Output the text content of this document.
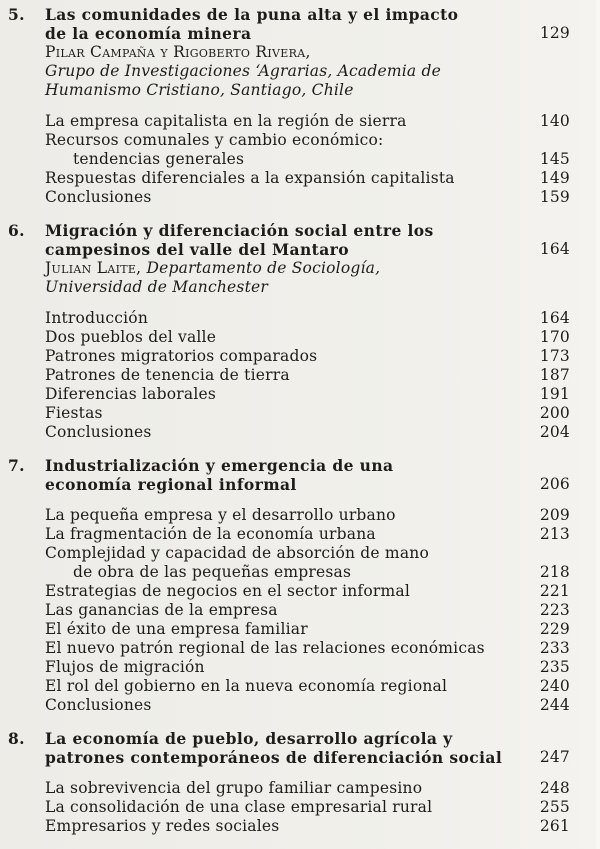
5.	Las comunidades de la puna alta y el impacto
de la economía minera	129
Pilar Campaña y Rigoberto Rivera,
Grupo de Investigaciones ‘Agrarias, Academia de
Humanismo Cristiano, Santiago, Chile
La empresa capitalista en la región de sierra	140
Recursos comunales y cambio económico:
tendencias generales	145
Respuestas diferenciales a la expansión capitalista	149
Conclusiones	159
6.	Migración y diferenciación social entre los
campesinos del valle del Mantaro	164
Julian Laite, Departamento de Sociología,
Universidad de Manchester
Introducción	164
Dos pueblos del valle	170
Patrones migratorios comparados	173
Patrones de tenencia de tierra	187
Diferencias laborales	191
Fiestas	200
Conclusiones	204
7.	Industrialización y emergencia de una
economía regional informal	206
La pequeña empresa y el desarrollo urbano	209
La fragmentación de la economía urbana	213
Complejidad y capacidad de absorción de mano
de obra de las pequeñas empresas	218
Estrategias de negocios en el sector informal	221
Las ganancias de la empresa	223
El éxito de una empresa familiar	229
El nuevo patrón regional de las relaciones económicas	233
Flujos de migración	235
El rol del gobierno en la nueva economía regional	240
Conclusiones	244
8.	La economía de pueblo, desarrollo agrícola y
patrones contemporáneos de diferenciación social 247
La sobrevivencia del grupo familiar campesino	248
La consolidación de una clase empresarial rural	255
Empresarios y redes sociales	261
